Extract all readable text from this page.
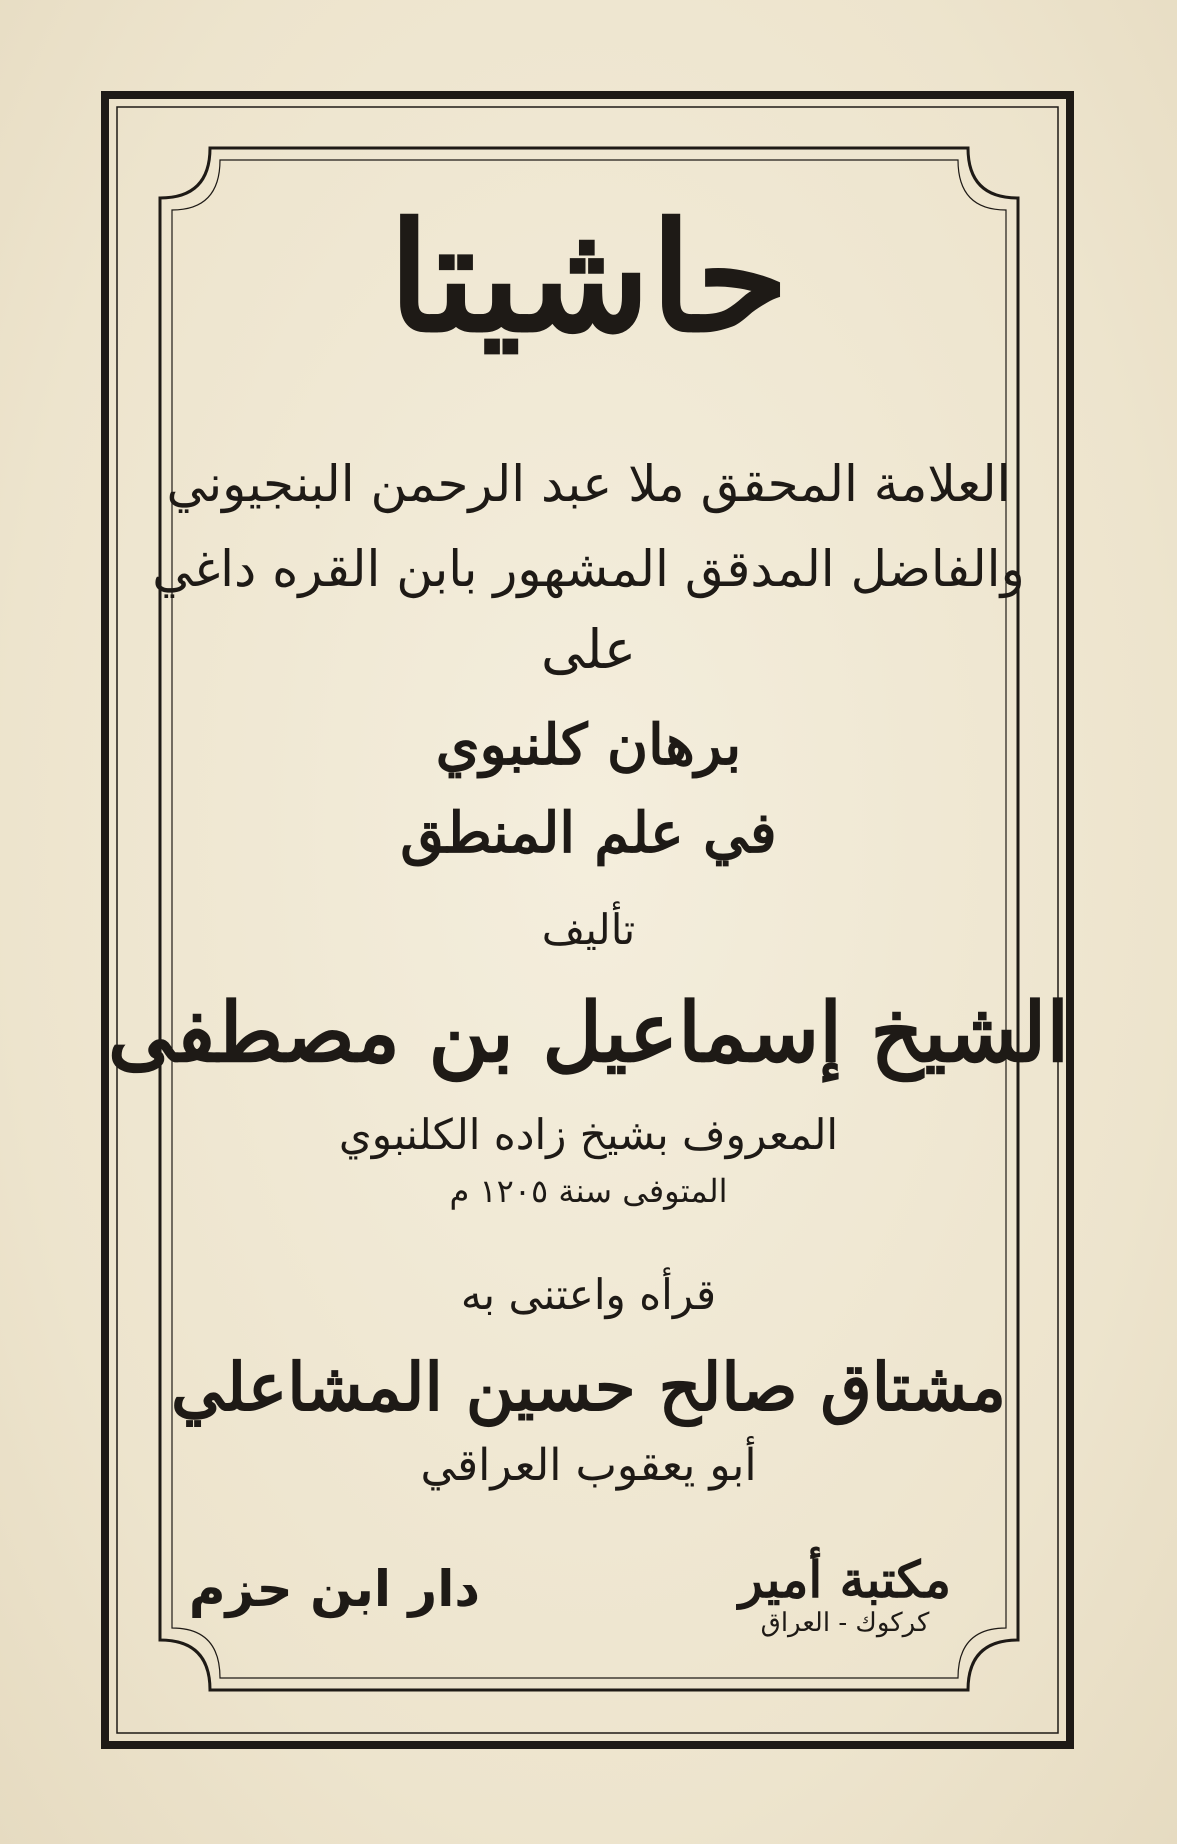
حاشيتا
العلامة المحقق ملا عبد الرحمن البنجيوني
والفاضل المدقق المشهور بابن القره داغي
على
برهان كلنبوي
في علم المنطق
تأليف
الشيخ إسماعيل بن مصطفى
المعروف بشيخ زاده الكلنبوي
المتوفى سنة ١٢٠٥ م
قرأه واعتنى به
مشتاق صالح حسين المشاعلي
أبو يعقوب العراقي
دار ابن حزم	مكتبة أمير
كركوك - العراق
